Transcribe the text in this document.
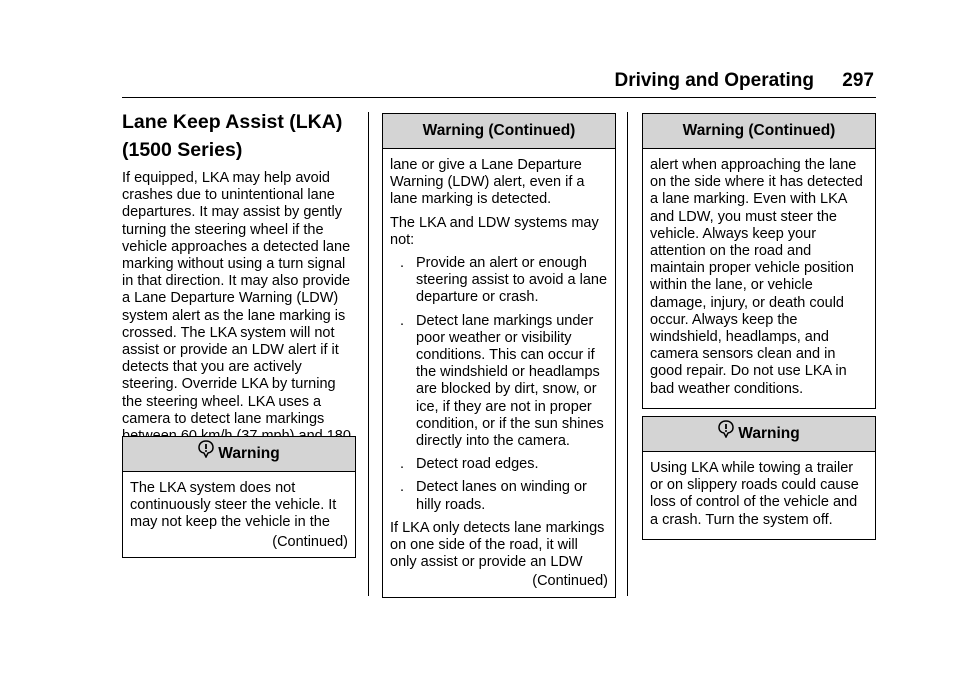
Driving and Operating 297
Lane Keep Assist (LKA)
(1500 Series)

If equipped, LKA may help avoid crashes due to unintentional lane departures. It may assist by gently turning the steering wheel if the vehicle approaches a detected lane marking without using a turn signal in that direction. It may also provide a Lane Departure Warning (LDW) system alert as the lane marking is crossed. The LKA system will not assist or provide an LDW alert if it detects that you are actively steering. Override LKA by turning the steering wheel. LKA uses a camera to detect lane markings

Warning
The LKA system does not continuously steer the vehicle. It may not keep the vehicle in the
(Continued)
Warning (Continued)

lane or give a Lane Departure Warning (LDW) alert, even if a lane marking is detected.

The LKA and LDW systems may not:

. Provide an alert or enough steering assist to avoid a lane departure or crash.
. Detect lane markings under poor weather or visibility conditions. This can occur if the windshield or headlamps are blocked by dirt, snow, or ice, if they are not in proper condition, or if the sun shines directly into the camera.
. Detect road edges.
. Detect lanes on winding or hilly roads.
If LKA only detects lane markings on one side of the road, it will only assist or provide an LDW
(Continued)
Warning (Continued)
alert when approaching the lane on the side where it has detected a lane marking. Even with LKA and LDW, you must steer the vehicle. Always keep your attention on the road and maintain proper vehicle position within the lane, or vehicle damage, injury, or death could occur. Always keep the windshield, headlamps, and camera sensors clean and in good repair. Do not use LKA in bad weather conditions.
Warning
Using LKA while towing a trailer or on slippery roads could cause loss of control of the vehicle and a crash. Turn the system off.
